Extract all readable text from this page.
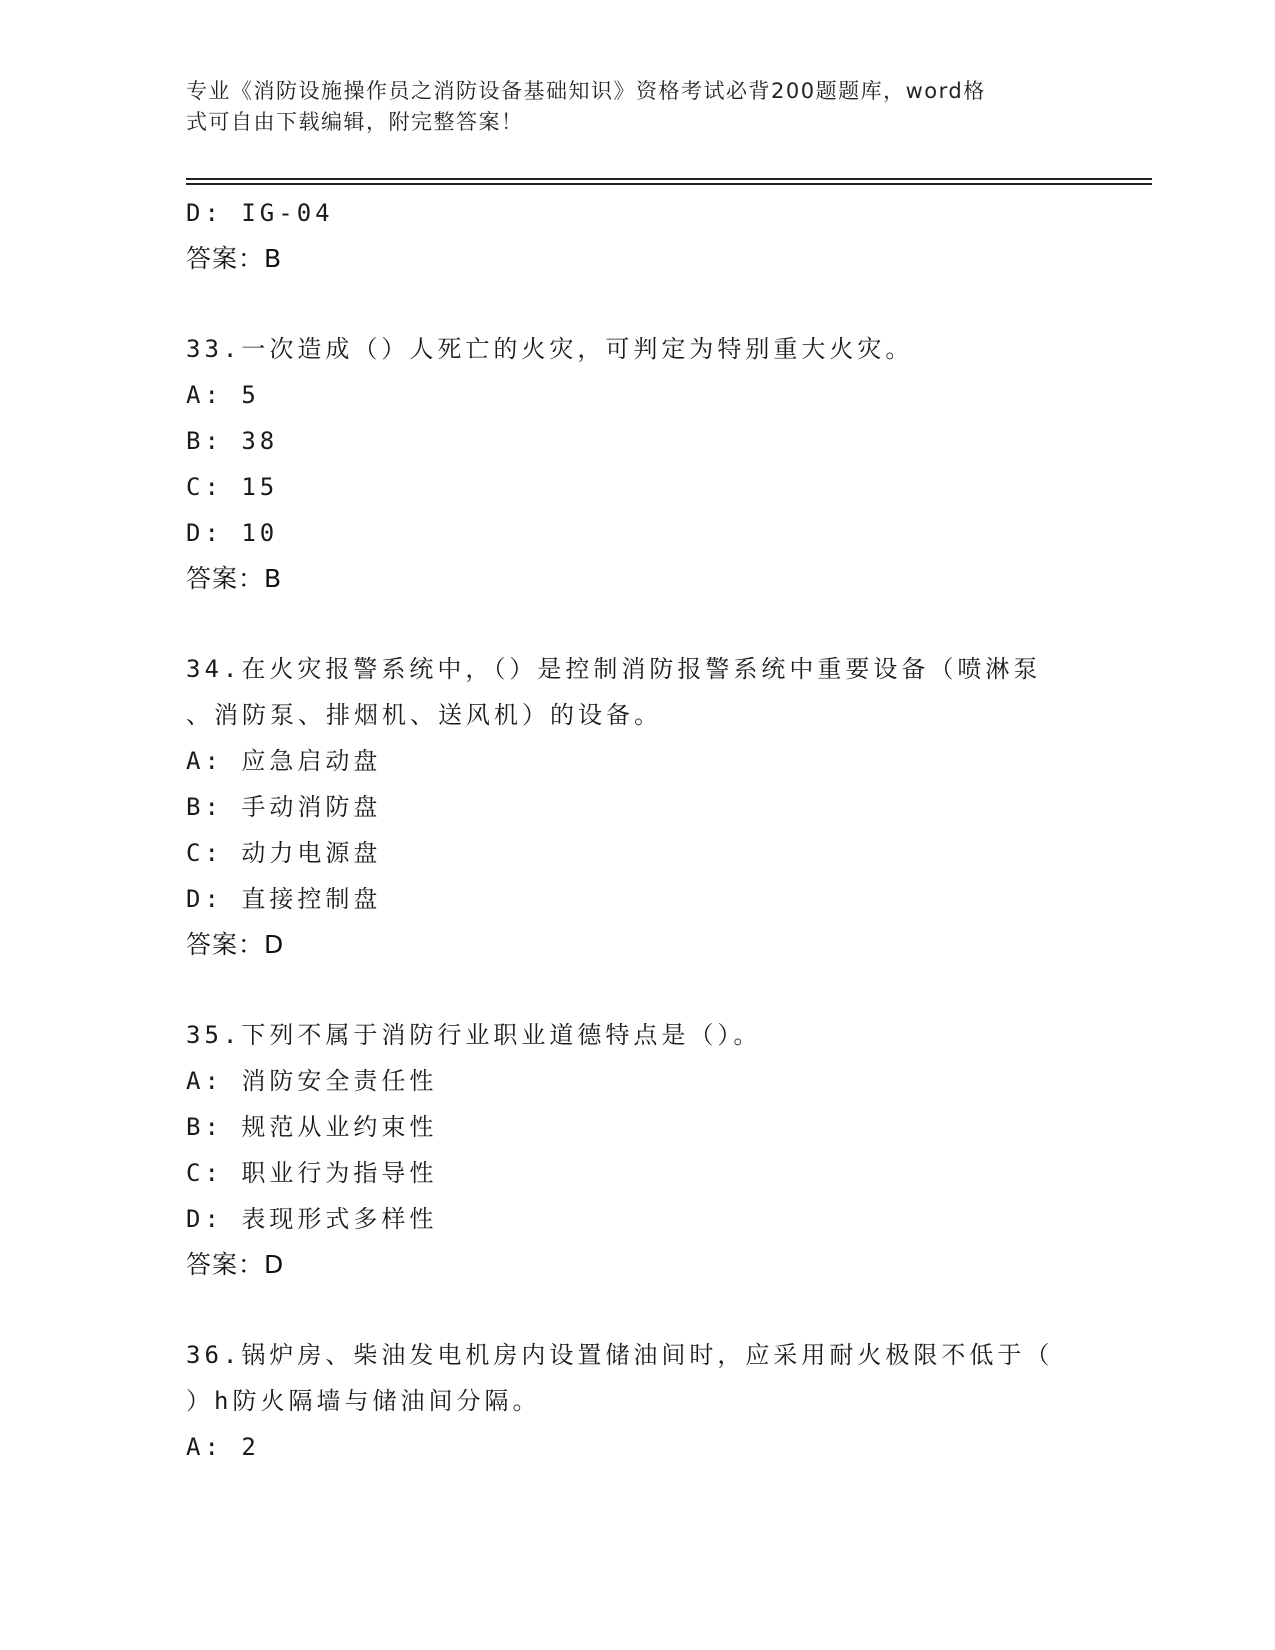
专业《消防设施操作员之消防设备基础知识》资格考试必背200题题库，word格
式可自由下载编辑，附完整答案！
D: IG-04
答案：B
33.一次造成（）人死亡的火灾，可判定为特别重大火灾。
A: 5
B: 38
C: 15
D: 10
答案：B
34.在火灾报警系统中，（）是控制消防报警系统中重要设备（喷淋泵
、消防泵、排烟机、送风机）的设备。
A: 应急启动盘
B: 手动消防盘
C: 动力电源盘
D: 直接控制盘
答案：D
35.下列不属于消防行业职业道德特点是（）。
A: 消防安全责任性
B: 规范从业约束性
C: 职业行为指导性
D: 表现形式多样性
答案：D
36.锅炉房、柴油发电机房内设置储油间时，应采用耐火极限不低于（
）h防火隔墙与储油间分隔。
A: 2
